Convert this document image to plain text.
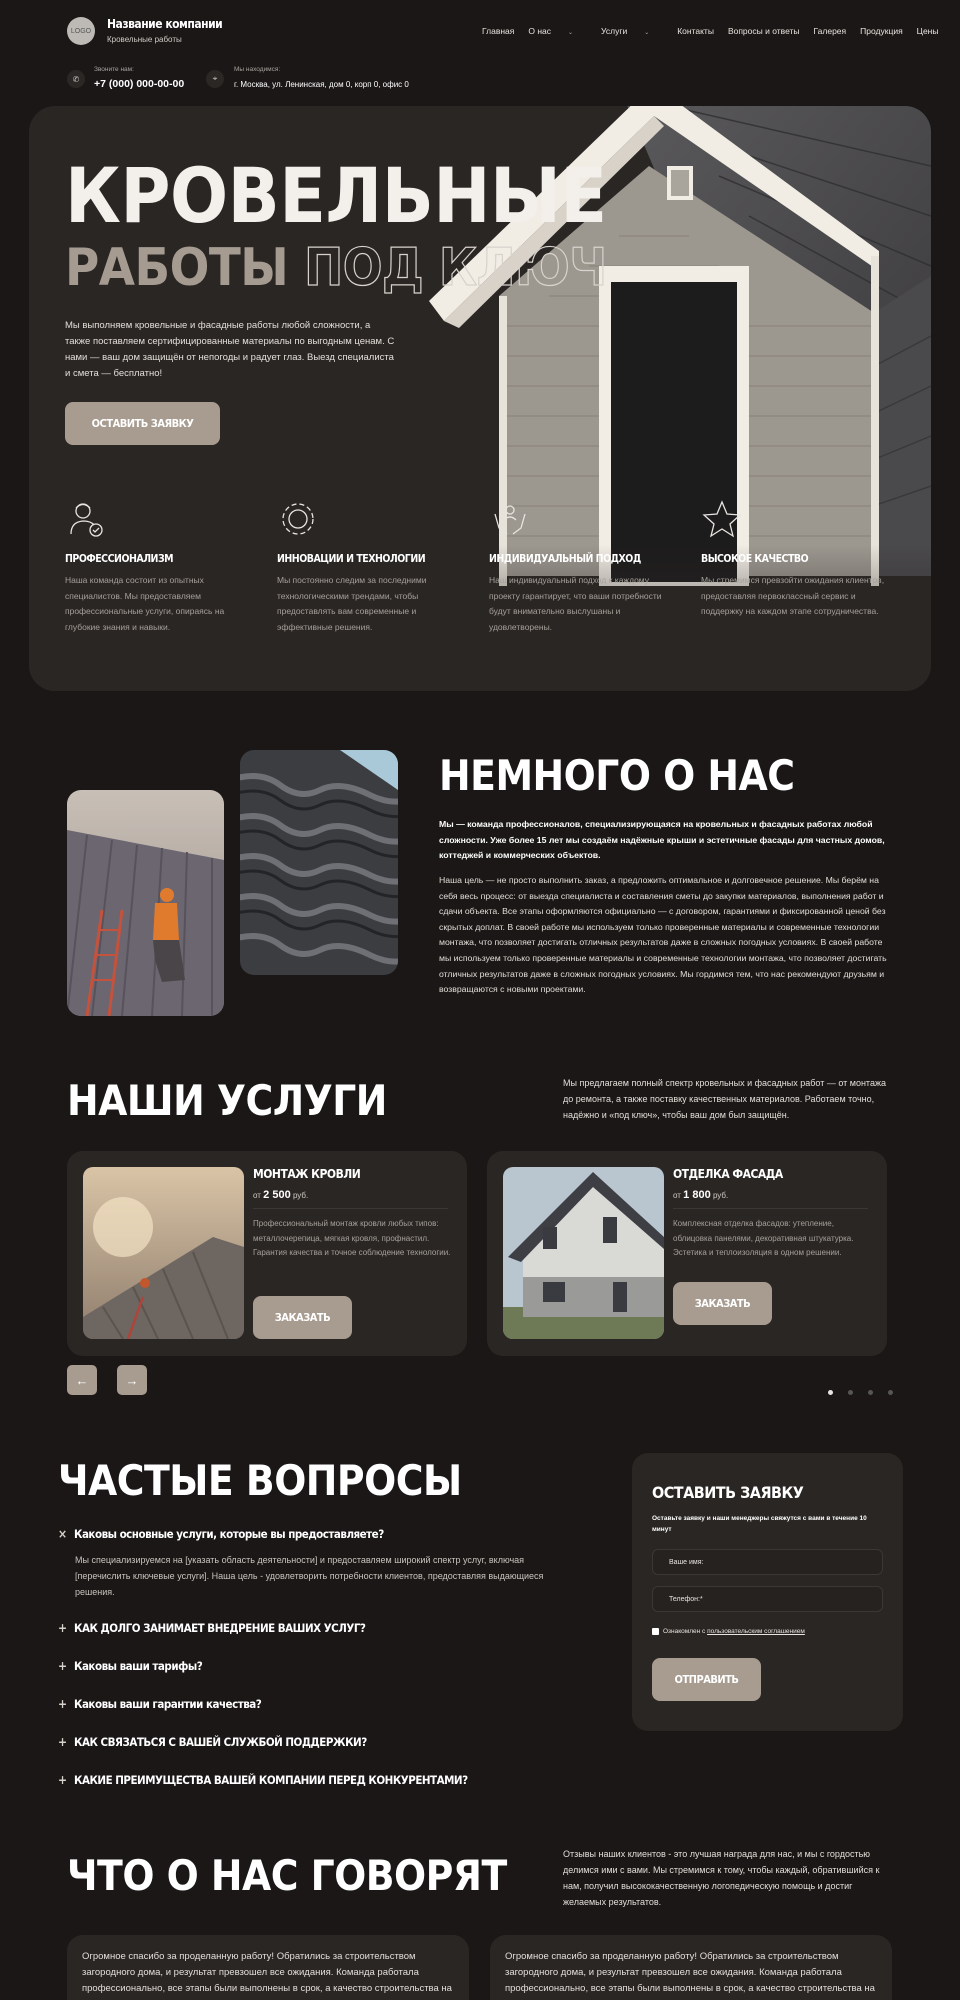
LOGO	Название компании
Кровельные работы
Главная О нас	⌄	Услуги	⌄	Контакты Вопросы и ответы Галерея Продукция Цены
✆
Звоните нам:
+7 (000) 000-00-00	⌖
Мы находимся:
г. Москва, ул. Ленинская, дом 0, корп 0, офис 0
КРОВЕЛЬНЫЕ
РАБОТЫ ПОД КЛЮЧ
Мы выполняем кровельные и фасадные работы любой сложности, а также поставляем сертифицированные материалы по выгодным ценам. С нами — ваш дом защищён от непогоды и радует глаз. Выезд специалиста и смета — бесплатно!
ОСТАВИТЬ ЗАЯВКУ
ПРОФЕССИОНАЛИЗМ
Наша команда состоит из опытных специалистов. Мы предоставляем профессиональные услуги, опираясь на глубокие знания и навыки.
ИННОВАЦИИ И ТЕХНОЛОГИИ
Мы постоянно следим за последними технологическими трендами, чтобы предоставлять вам современные и эффективные решения.
ИНДИВИДУАЛЬНЫЙ ПОДХОД
Наш индивидуальный подход к каждому проекту гарантирует, что ваши потребности будут внимательно выслушаны и удовлетворены.
ВЫСОКОЕ КАЧЕСТВО
Мы стремимся превзойти ожидания клиентов, предоставляя первоклассный сервис и поддержку на каждом этапе сотрудничества.
НЕМНОГО О НАС
Мы — команда профессионалов, специализирующаяся на кровельных и фасадных работах любой сложности. Уже более 15 лет мы создаём надёжные крыши и эстетичные фасады для частных домов, коттеджей и коммерческих объектов.
Наша цель — не просто выполнить заказ, а предложить оптимальное и долговечное решение. Мы берём на себя весь процесс: от выезда специалиста и составления сметы до закупки материалов, выполнения работ и сдачи объекта. Все этапы оформляются официально — с договором, гарантиями и фиксированной ценой без скрытых доплат. В своей работе мы используем только проверенные материалы и современные технологии монтажа, что позволяет достигать отличных результатов даже в сложных погодных условиях. В своей работе мы используем только проверенные материалы и современные технологии монтажа, что позволяет достигать отличных результатов даже в сложных погодных условиях. Мы гордимся тем, что нас рекомендуют друзьям и возвращаются с новыми проектами.
НАШИ УСЛУГИ	Мы предлагаем полный спектр кровельных и фасадных работ — от монтажа до ремонта, а также поставку качественных материалов. Работаем точно, надёжно и «под ключ», чтобы ваш дом был защищён.
МОНТАЖ КРОВЛИ
от 2 500 руб.
Профессиональный монтаж кровли любых типов: металлочерепица, мягкая кровля, профнастил. Гарантия качества и точное соблюдение технологии.
ЗАКАЗАТЬ
ОТДЕЛКА ФАСАДА
от 1 800 руб.
Комплексная отделка фасадов: утепление, облицовка панелями, декоративная штукатурка. Эстетика и теплоизоляция в одном решении.
ЗАКАЗАТЬ
←	→
ЧАСТЫЕ ВОПРОСЫ
× Каковы основные услуги, которые вы предоставляете?
Мы специализируемся на [указать область деятельности] и предоставляем широкий спектр услуг, включая [перечислить ключевые услуги]. Наша цель - удовлетворить потребности клиентов, предоставляя выдающиеся решения.
+ КАК ДОЛГО ЗАНИМАЕТ ВНЕДРЕНИЕ ВАШИХ УСЛУГ?
+ Каковы ваши тарифы?
+ Каковы ваши гарантии качества?
+ КАК СВЯЗАТЬСЯ С ВАШЕЙ СЛУЖБОЙ ПОДДЕРЖКИ?
+ КАКИЕ ПРЕИМУЩЕСТВА ВАШЕЙ КОМПАНИИ ПЕРЕД КОНКУРЕНТАМИ?
ОСТАВИТЬ ЗАЯВКУ
Оставьте заявку и наши менеджеры свяжутся с вами в течение 10 минут
Ваше имя:
Телефон:*
Ознакомлен с
пользовательским соглашением
ОТПРАВИТЬ
ЧТО О НАС ГОВОРЯТ	Отзывы наших клиентов - это лучшая награда для нас, и мы с гордостью делимся ими с вами. Мы стремимся к тому, чтобы каждый, обратившийся к нам, получил высококачественную логопедическую помощь и достиг желаемых результатов.
Огромное спасибо за проделанную работу! Обратились за строительством загородного дома, и результат превзошел все ожидания. Команда работала профессионально, все этапы были выполнены в срок, а качество строительства на
Огромное спасибо за проделанную работу! Обратились за строительством загородного дома, и результат превзошел все ожидания. Команда работала профессионально, все этапы были выполнены в срок, а качество строительства на
